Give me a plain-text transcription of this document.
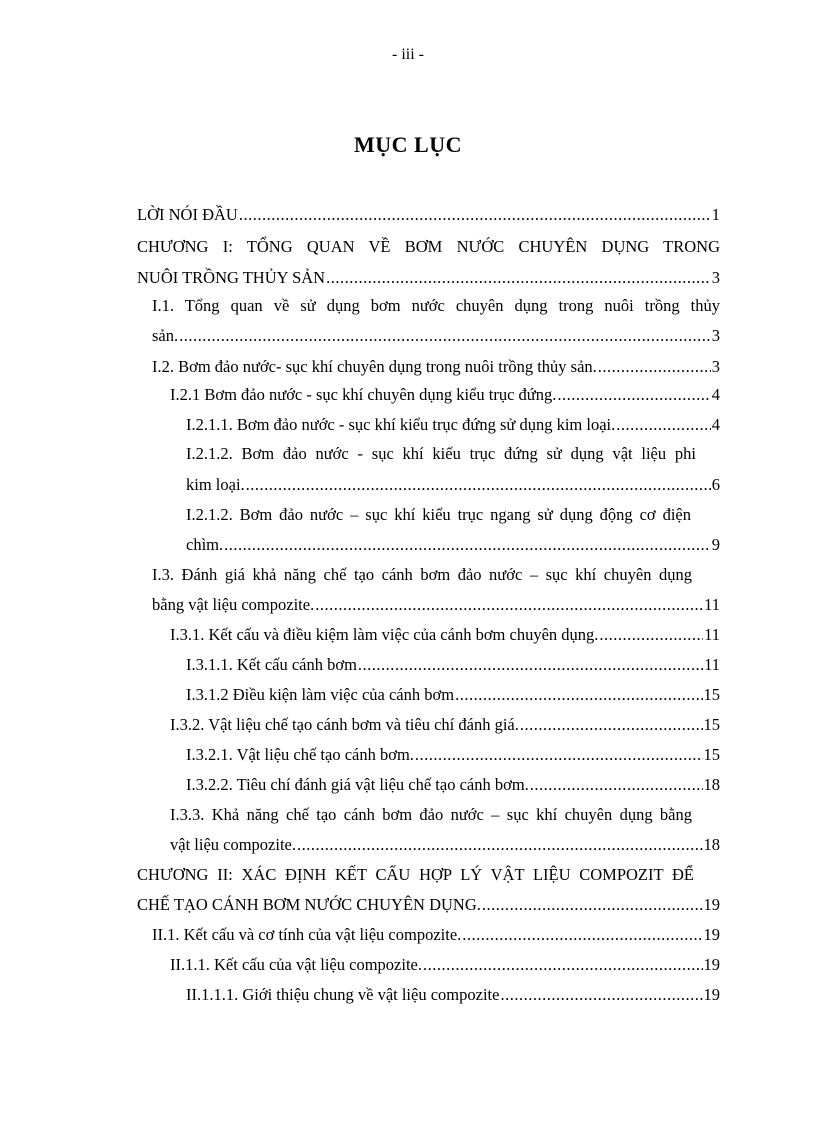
- iii -
MỤC LỤC
LỜI NÓI ĐẦU .....	1
CHƯƠNG I: TỔNG QUAN VỀ BƠM NƯỚC CHUYÊN DỤNG TRONG
NUÔI TRỒNG THỦY SẢN .....	3
I.1. Tổng quan về sử dụng bơm nước chuyên dụng trong nuôi trồng thủy
sản. .....	3
I.2. Bơm đảo nước- sục khí chuyên dụng trong nuôi trồng thủy sản. .....	3
I.2.1 Bơm đảo nước - sục khí chuyên dụng kiểu trục đứng. .....	4
I.2.1.1. Bơm đảo nước - sục khí kiểu trục đứng sử dụng kim loại. .....	4
I.2.1.2. Bơm đảo nước - sục khí kiểu trục đứng sử dụng vật liệu phi
kim loại. .....	6
I.2.1.2. Bơm đảo nước – sục khí kiểu trục ngang sử dụng động cơ điện
chìm. .....	9
I.3. Đánh giá khả năng chế tạo cánh bơm đảo nước – sục khí chuyên dụng
bằng vật liệu compozite. .....	11
I.3.1. Kết cấu và điều kiệm làm việc của cánh bơm chuyên dụng. .....	11
I.3.1.1. Kết cấu cánh bơm .....	11
I.3.1.2 Điều kiện làm việc của cánh bơm .....	15
I.3.2. Vật liệu chế tạo cánh bơm và tiêu chí đánh giá. .....	15
I.3.2.1. Vật liệu chế tạo cánh bơm. .....	15
I.3.2.2. Tiêu chí đánh giá vật liệu chế tạo cánh bơm. .....	18
I.3.3. Khả năng chế tạo cánh bơm đảo nước – sục khí chuyên dụng bằng
vật liệu compozite. .....	18
CHƯƠNG II: XÁC ĐỊNH KẾT CẤU HỢP LÝ VẬT LIỆU COMPOZIT ĐỂ
CHẾ TẠO CÁNH BƠM NƯỚC CHUYÊN DỤNG. .....	19
II.1. Kết cấu và cơ tính của vật liệu compozite. .....	19
II.1.1. Kết cấu của vật liệu compozite. .....	19
II.1.1.1. Giới thiệu chung về vật liệu compozite .....	19
